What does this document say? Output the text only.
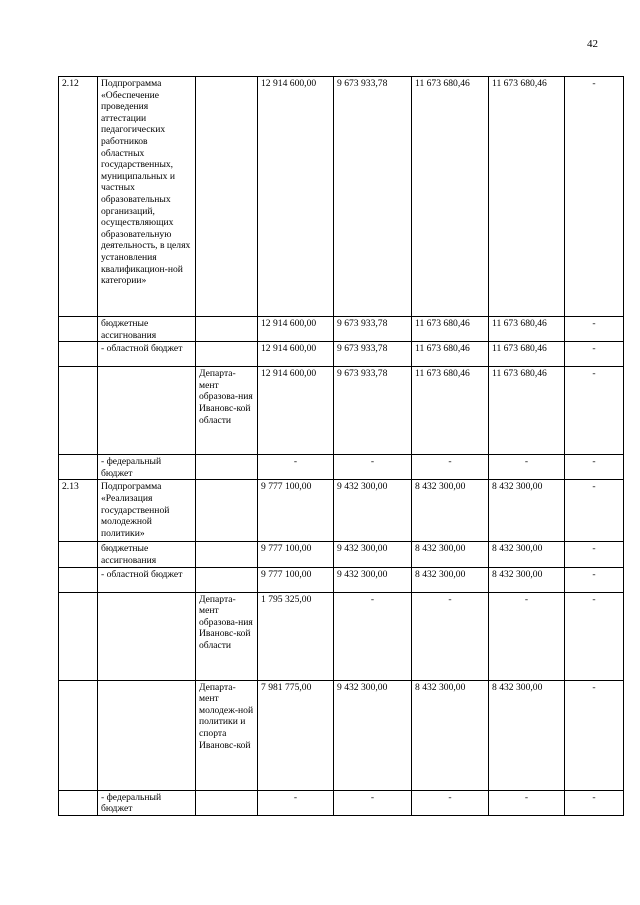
42
2.12	Подпрограмма «Обеспечение проведения аттестации педагогических работников областных государственных, муниципальных и частных образовательных организаций, осуществляющих образовательную деятельность, в целях установления квалификацион-ной категории»		12 914 600,00	9 673 933,78	11 673 680,46	11 673 680,46	-
	бюджетные ассигнования		12 914 600,00	9 673 933,78	11 673 680,46	11 673 680,46	-
	- областной бюджет		12 914 600,00	9 673 933,78	11 673 680,46	11 673 680,46	-
		Департа-мент образова-ния Ивановс-кой области	12 914 600,00	9 673 933,78	11 673 680,46	11 673 680,46	-
	- федеральный бюджет		-	-	-	-	-
2.13	Подпрограмма «Реализация государственной молодежной политики»		9 777 100,00	9 432 300,00	8 432 300,00	8 432 300,00	-
	бюджетные ассигнования		9 777 100,00	9 432 300,00	8 432 300,00	8 432 300,00	-
	- областной бюджет		9 777 100,00	9 432 300,00	8 432 300,00	8 432 300,00	-
		Департа-мент образова-ния Ивановс-кой области	1 795 325,00	-	-	-	-
		Департа-мент молодеж-ной политики и спорта Ивановс-кой	7 981 775,00	9 432 300,00	8 432 300,00	8 432 300,00	-
	- федеральный бюджет		-	-	-	-	-
